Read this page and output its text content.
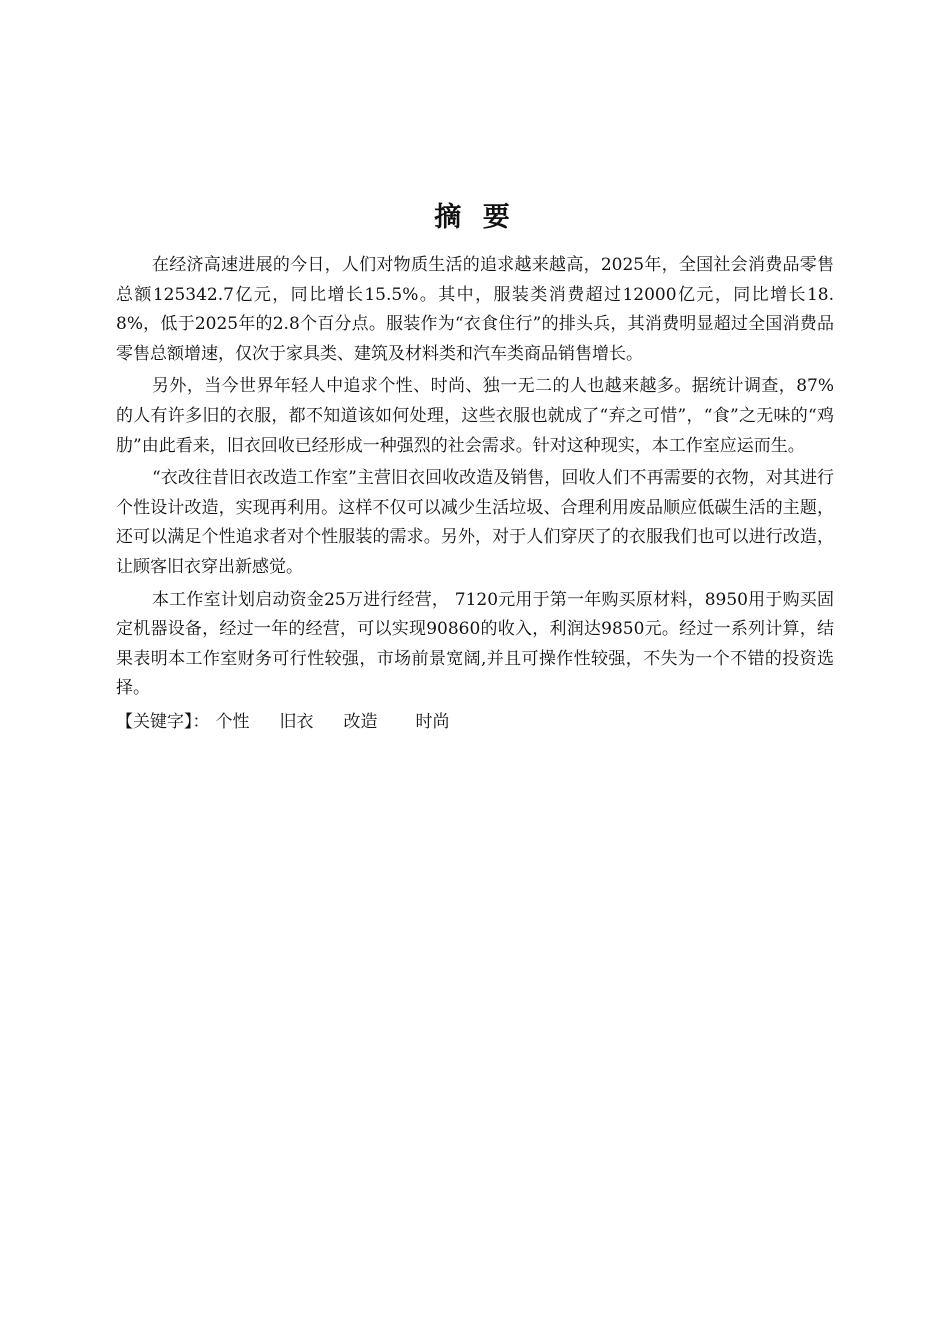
摘 要

在经济高速进展的今日，人们对物质生活的追求越来越高，2025年，全国社会消费品零售总额125342.7亿元，同比增长15.5%。其中，服装类消费超过12000亿元，同比增长18.8%，低于2025年的2.8个百分点。服装作为“衣食住行”的排头兵，其消费明显超过全国消费品零售总额增速，仅次于家具类、建筑及材料类和汽车类商品销售增长。

另外，当今世界年轻人中追求个性、时尚、独一无二的人也越来越多。据统计调查，87%的人有许多旧的衣服，都不知道该如何处理，这些衣服也就成了“弃之可惜”，“食”之无味的“鸡肋”由此看来，旧衣回收已经形成一种强烈的社会需求。针对这种现实，本工作室应运而生。

“衣改往昔旧衣改造工作室”主营旧衣回收改造及销售，回收人们不再需要的衣物，对其进行个性设计改造，实现再利用。这样不仅可以减少生活垃圾、合理利用废品顺应低碳生活的主题，还可以满足个性追求者对个性服装的需求。另外，对于人们穿厌了的衣服我们也可以进行改造，让顾客旧衣穿出新感觉。

本工作室计划启动资金25万进行经营， 7120元用于第一年购买原材料，8950用于购买固定机器设备，经过一年的经营，可以实现90860的收入，利润达9850元。经过一系列计算，结果表明本工作室财务可行性较强，市场前景宽阔,并且可操作性较强，不失为一个不错的投资选择。

【关键字】： 个性 旧衣 改造 时尚
